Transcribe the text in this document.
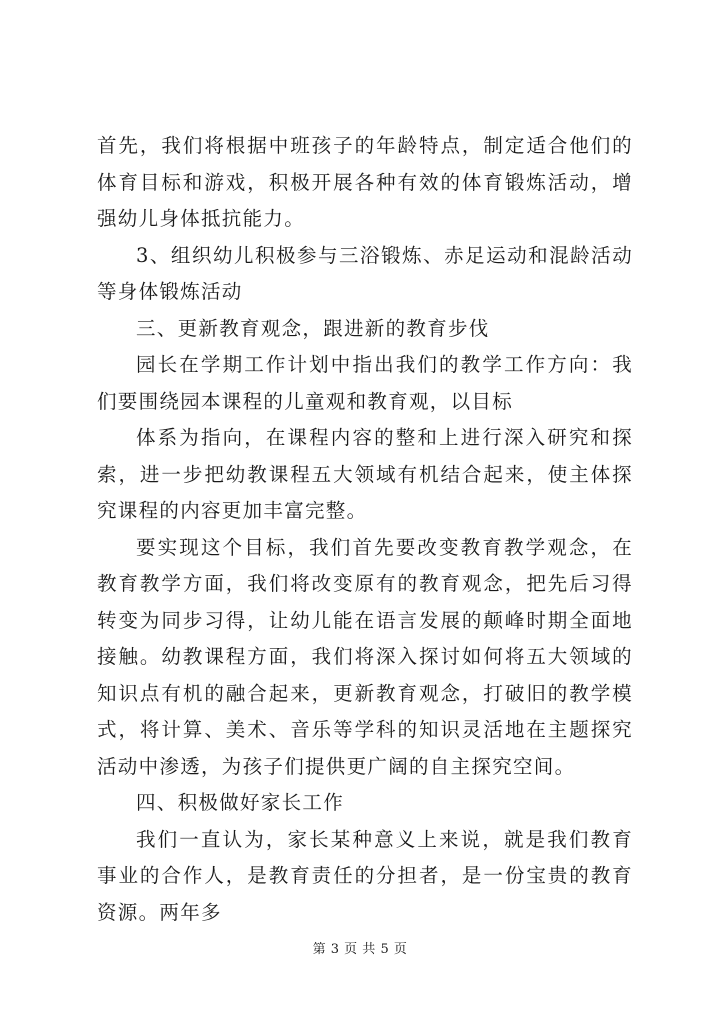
首先，我们将根据中班孩子的年龄特点，制定适合他们的体育目标和游戏，积极开展各种有效的体育锻炼活动，增强幼儿身体抵抗能力。

3、组织幼儿积极参与三浴锻炼、赤足运动和混龄活动等身体锻炼活动

三、更新教育观念，跟进新的教育步伐

园长在学期工作计划中指出我们的教学工作方向：我们要围绕园本课程的儿童观和教育观，以目标

体系为指向，在课程内容的整和上进行深入研究和探索，进一步把幼教课程五大领域有机结合起来，使主体探究课程的内容更加丰富完整。

要实现这个目标，我们首先要改变教育教学观念，在教育教学方面，我们将改变原有的教育观念，把先后习得转变为同步习得，让幼儿能在语言发展的颠峰时期全面地接触。幼教课程方面，我们将深入探讨如何将五大领域的知识点有机的融合起来，更新教育观念，打破旧的教学模式，将计算、美术、音乐等学科的知识灵活地在主题探究活动中渗透，为孩子们提供更广阔的自主探究空间。

四、积极做好家长工作

我们一直认为，家长某种意义上来说，就是我们教育事业的合作人，是教育责任的分担者，是一份宝贵的教育资源。两年多

第 3 页 共 5 页
